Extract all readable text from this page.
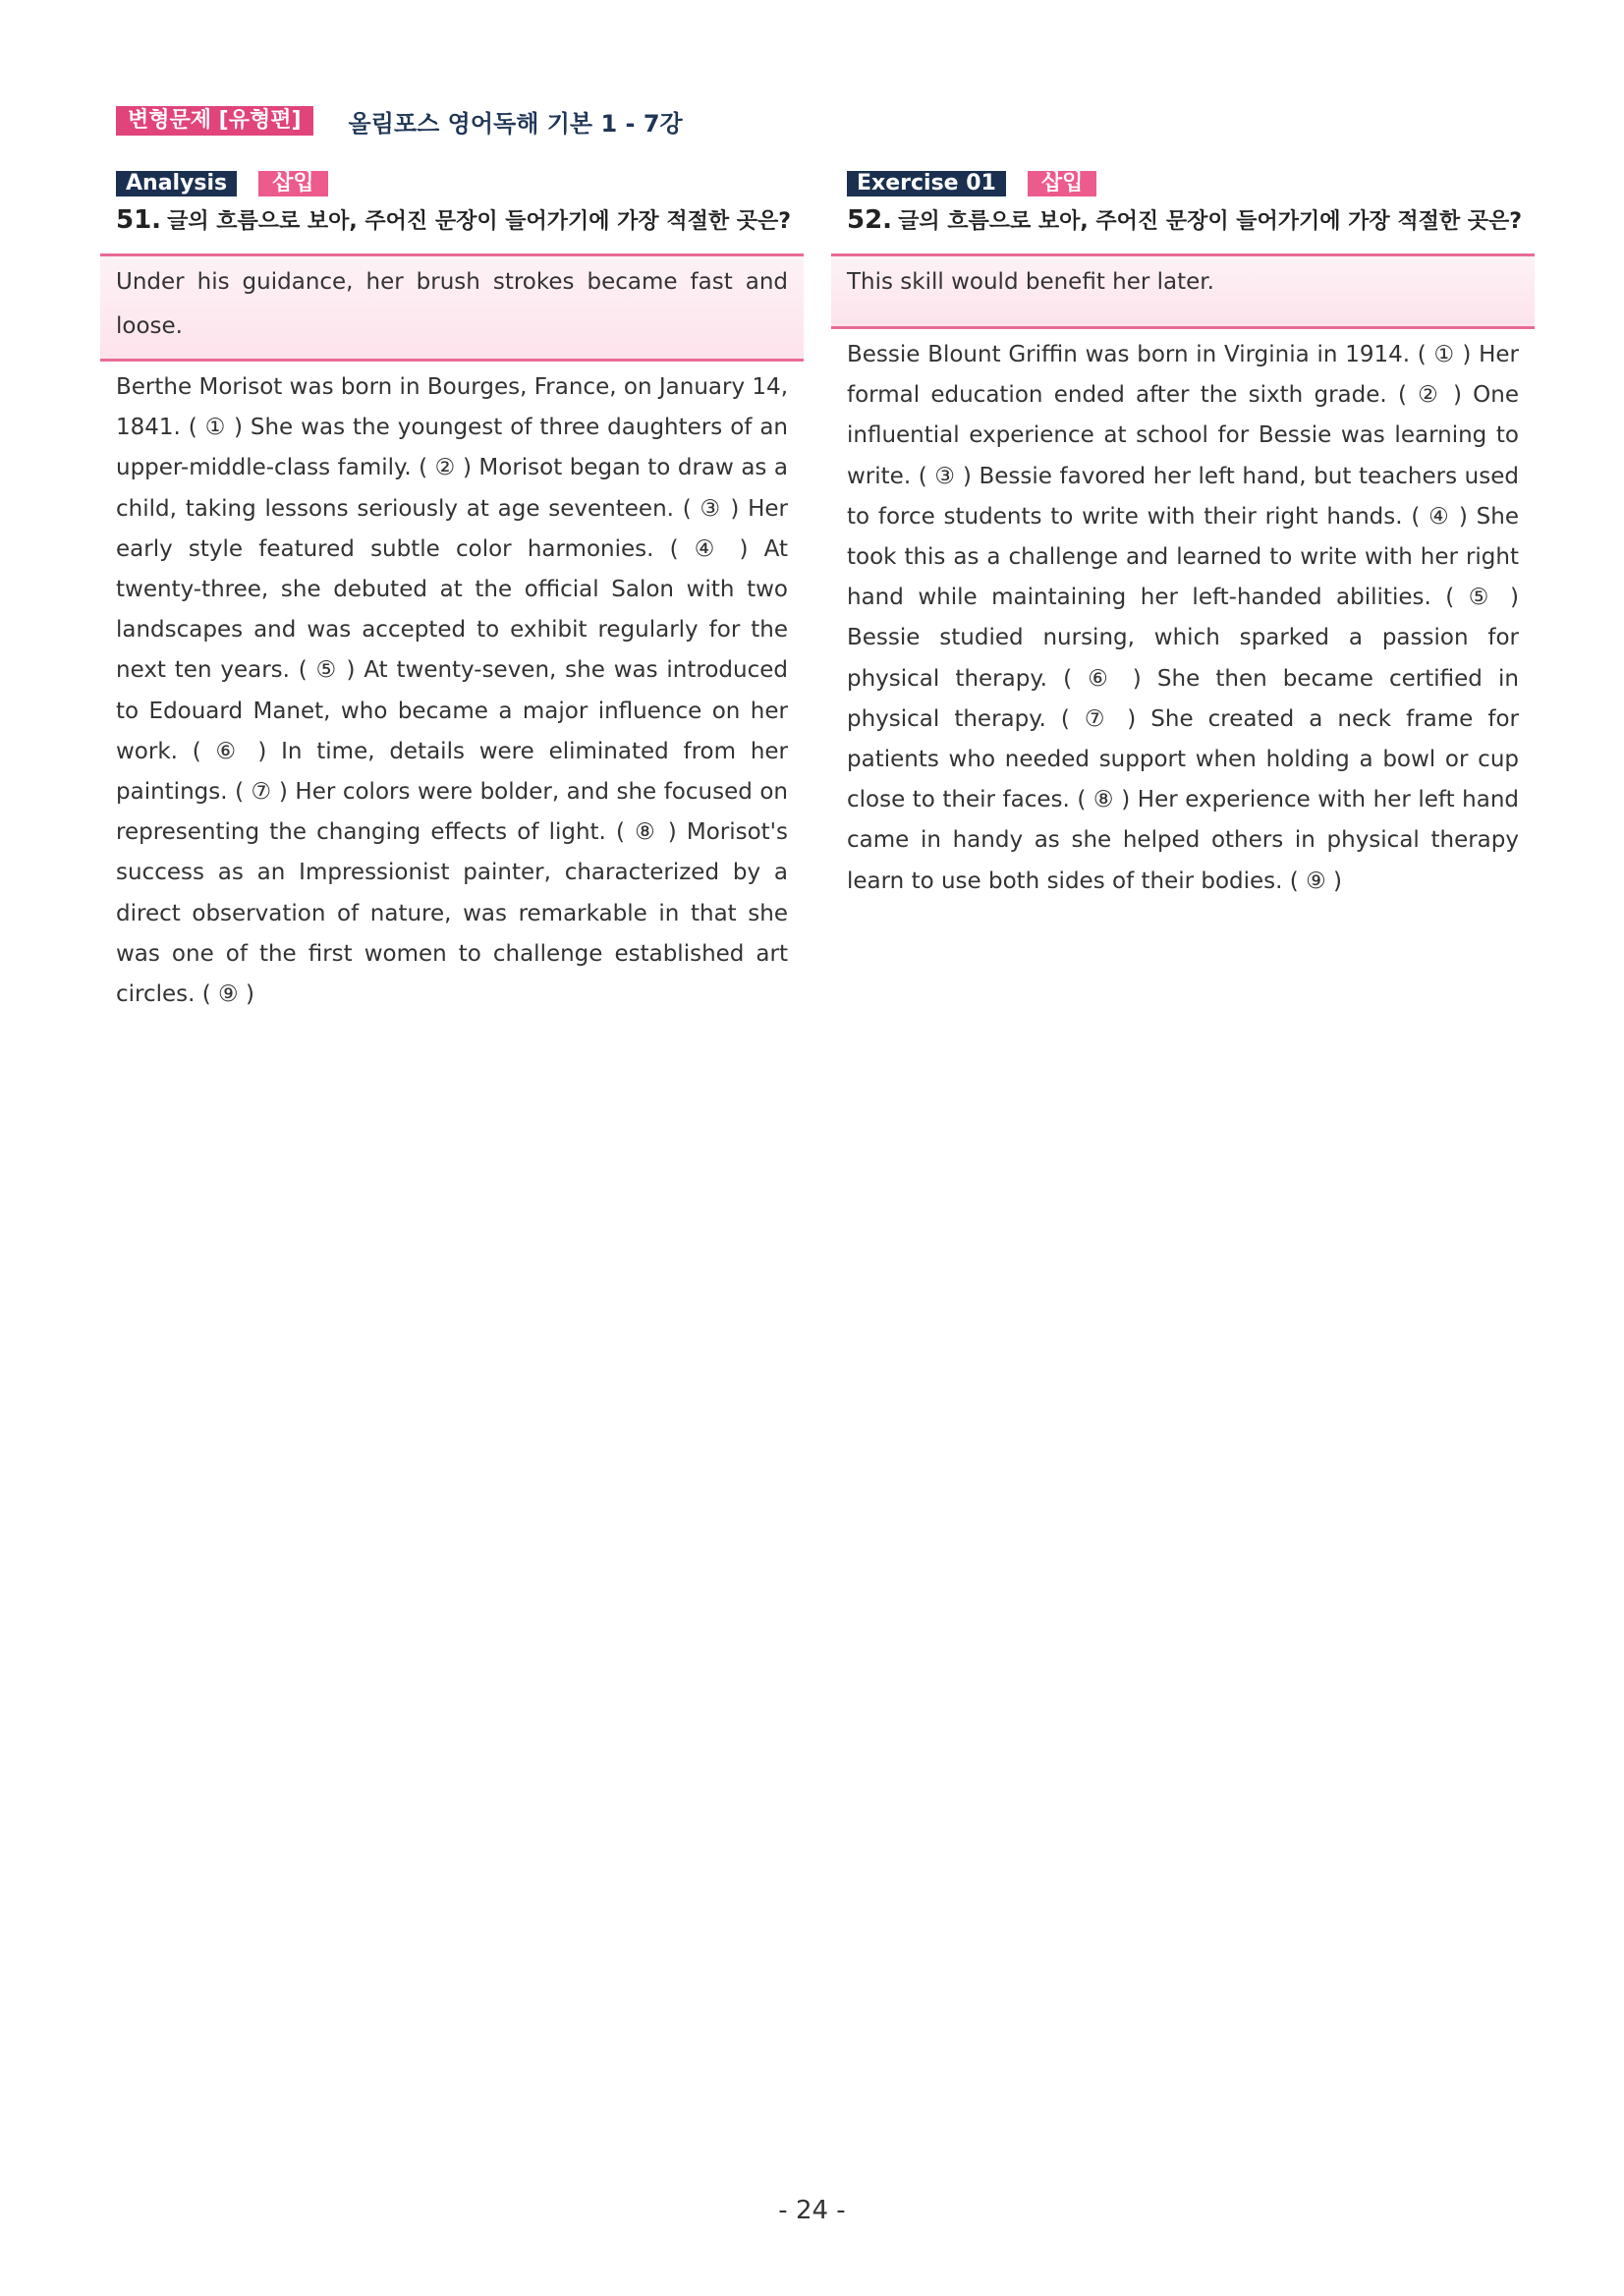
변형문제 [유형편]	올림포스 영어독해 기본 1 - 7강
Analysis	삽입
51. 글의 흐름으로 보아, 주어진 문장이 들어가기에 가장 적절한 곳은?
Under his guidance, her brush strokes became fast and loose.
Berthe Morisot was born in Bourges, France, on January 14, 1841. ( ① ) She was the youngest of three daughters of an upper-middle-class family. ( ② ) Morisot began to draw as a child, taking lessons seriously at age seventeen. ( ③ ) Her early style featured subtle color harmonies. ( ④ ) At twenty-three, she debuted at the official Salon with two landscapes and was accepted to exhibit regularly for the next ten years. ( ⑤ ) At twenty-seven, she was introduced to Edouard Manet, who became a major influence on her work. ( ⑥ ) In time, details were eliminated from her paintings. ( ⑦ ) Her colors were bolder, and she focused on representing the changing effects of light. ( ⑧ ) Morisot's success as an Impressionist painter, characterized by a direct observation of nature, was remarkable in that she was one of the first women to challenge established art circles. ( ⑨ )
Exercise 01	삽입
52. 글의 흐름으로 보아, 주어진 문장이 들어가기에 가장 적절한 곳은?
This skill would benefit her later.
Bessie Blount Griffin was born in Virginia in 1914. ( ① ) Her formal education ended after the sixth grade. ( ② ) One influential experience at school for Bessie was learning to write. ( ③ ) Bessie favored her left hand, but teachers used to force students to write with their right hands. ( ④ ) She took this as a challenge and learned to write with her right hand while maintaining her left-handed abilities. ( ⑤ ) Bessie studied nursing, which sparked a passion for physical therapy. ( ⑥ ) She then became certified in physical therapy. ( ⑦ ) She created a neck frame for patients who needed support when holding a bowl or cup close to their faces. ( ⑧ ) Her experience with her left hand came in handy as she helped others in physical therapy learn to use both sides of their bodies. ( ⑨ )
- 24 -
